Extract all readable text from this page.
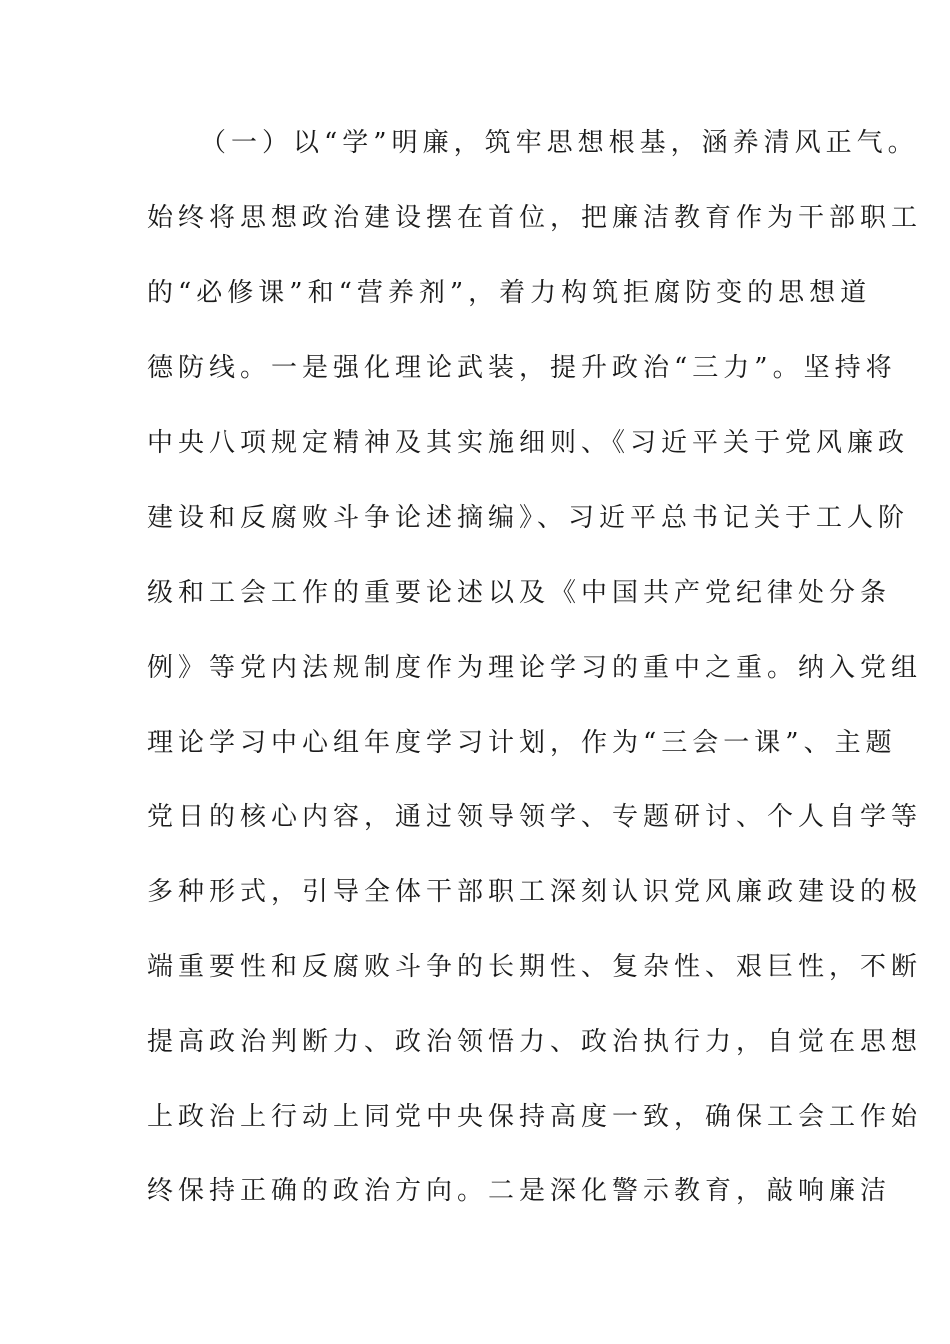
（一）以“学”明廉，筑牢思想根基，涵养清风正气。
始终将思想政治建设摆在首位，把廉洁教育作为干部职工
的“必修课”和“营养剂”，着力构筑拒腐防变的思想道
德防线。一是强化理论武装，提升政治“三力”。坚持将
中央八项规定精神及其实施细则、《习近平关于党风廉政
建设和反腐败斗争论述摘编》、习近平总书记关于工人阶
级和工会工作的重要论述以及《中国共产党纪律处分条
例》等党内法规制度作为理论学习的重中之重。纳入党组
理论学习中心组年度学习计划，作为“三会一课”、主题
党日的核心内容，通过领导领学、专题研讨、个人自学等
多种形式，引导全体干部职工深刻认识党风廉政建设的极
端重要性和反腐败斗争的长期性、复杂性、艰巨性，不断
提高政治判断力、政治领悟力、政治执行力，自觉在思想
上政治上行动上同党中央保持高度一致，确保工会工作始
终保持正确的政治方向。二是深化警示教育，敲响廉洁
